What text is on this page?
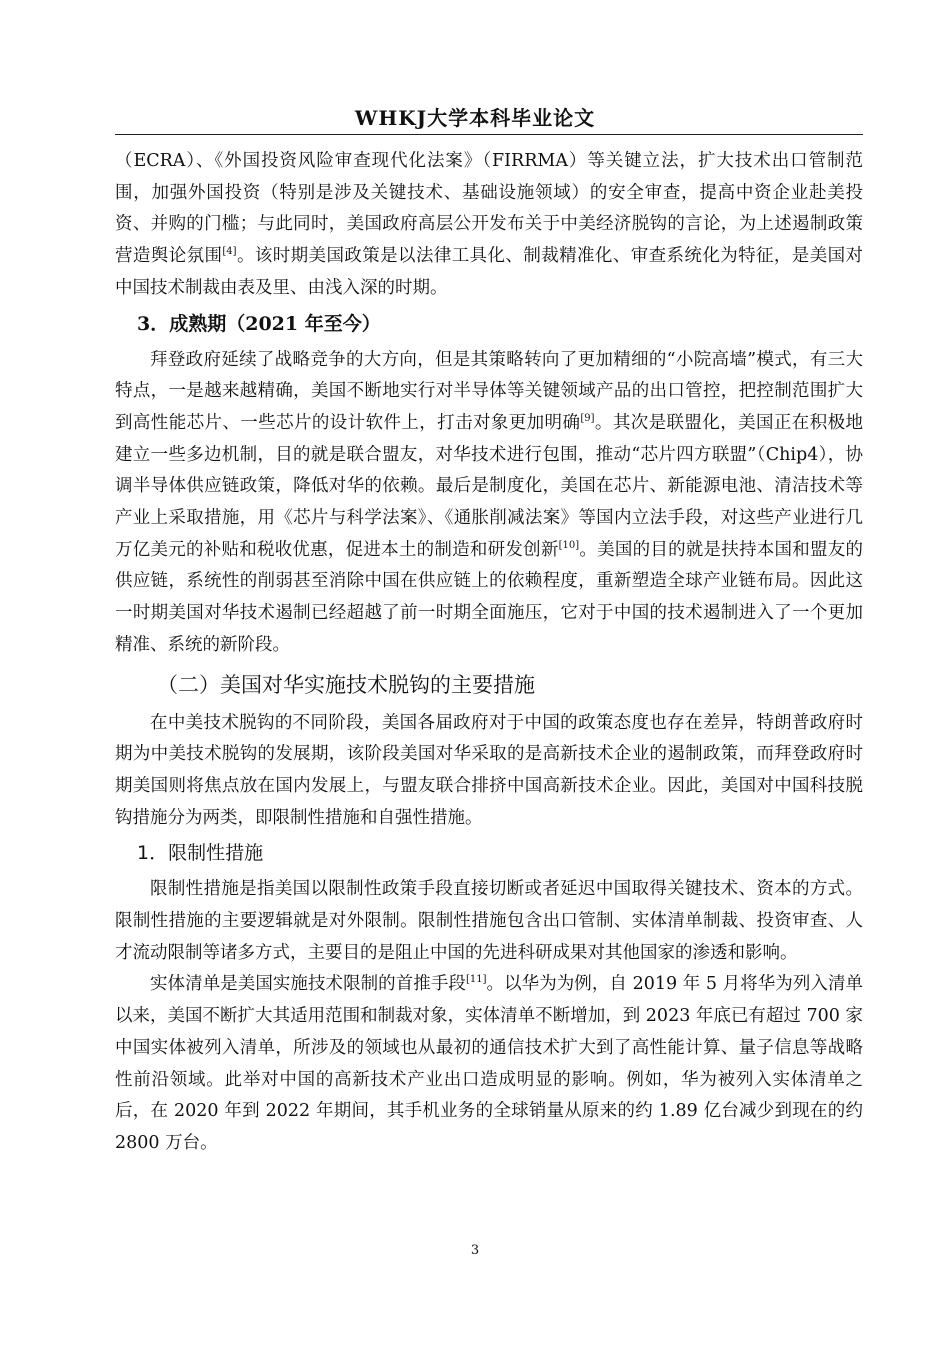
WHKJ大学本科毕业论文

（ECRA）、《外国投资风险审查现代化法案》（FIRRMA）等关键立法，扩大技术出口管制范围，加强外国投资（特别是涉及关键技术、基础设施领域）的安全审查，提高中资企业赴美投资、并购的门槛；与此同时，美国政府高层公开发布关于中美经济脱钩的言论，为上述遏制政策营造舆论氛围[4]。该时期美国政策是以法律工具化、制裁精准化、审查系统化为特征，是美国对中国技术制裁由表及里、由浅入深的时期。

3．成熟期（2021 年至今）

拜登政府延续了战略竞争的大方向，但是其策略转向了更加精细的“小院高墙”模式，有三大特点，一是越来越精确，美国不断地实行对半导体等关键领域产品的出口管控，把控制范围扩大到高性能芯片、一些芯片的设计软件上，打击对象更加明确[9]。其次是联盟化，美国正在积极地建立一些多边机制，目的就是联合盟友，对华技术进行包围，推动“芯片四方联盟”（Chip4），协调半导体供应链政策，降低对华的依赖。最后是制度化，美国在芯片、新能源电池、清洁技术等产业上采取措施，用《芯片与科学法案》、《通胀削减法案》等国内立法手段，对这些产业进行几万亿美元的补贴和税收优惠，促进本土的制造和研发创新[10]。美国的目的就是扶持本国和盟友的供应链，系统性的削弱甚至消除中国在供应链上的依赖程度，重新塑造全球产业链布局。因此这一时期美国对华技术遏制已经超越了前一时期全面施压，它对于中国的技术遏制进入了一个更加精准、系统的新阶段。

（二）美国对华实施技术脱钩的主要措施

在中美技术脱钩的不同阶段，美国各届政府对于中国的政策态度也存在差异，特朗普政府时期为中美技术脱钩的发展期，该阶段美国对华采取的是高新技术企业的遏制政策，而拜登政府时期美国则将焦点放在国内发展上，与盟友联合排挤中国高新技术企业。因此，美国对中国科技脱钩措施分为两类，即限制性措施和自强性措施。

1．限制性措施

限制性措施是指美国以限制性政策手段直接切断或者延迟中国取得关键技术、资本的方式。限制性措施的主要逻辑就是对外限制。限制性措施包含出口管制、实体清单制裁、投资审查、人才流动限制等诸多方式，主要目的是阻止中国的先进科研成果对其他国家的渗透和影响。

实体清单是美国实施技术限制的首推手段[11]。以华为为例，自 2019 年 5 月将华为列入清单以来，美国不断扩大其适用范围和制裁对象，实体清单不断增加，到 2023 年底已有超过 700 家中国实体被列入清单，所涉及的领域也从最初的通信技术扩大到了高性能计算、量子信息等战略性前沿领域。此举对中国的高新技术产业出口造成明显的影响。例如，华为被列入实体清单之后，在 2020 年到 2022 年期间，其手机业务的全球销量从原来的约 1.89 亿台减少到现在的约 2800 万台。

3
